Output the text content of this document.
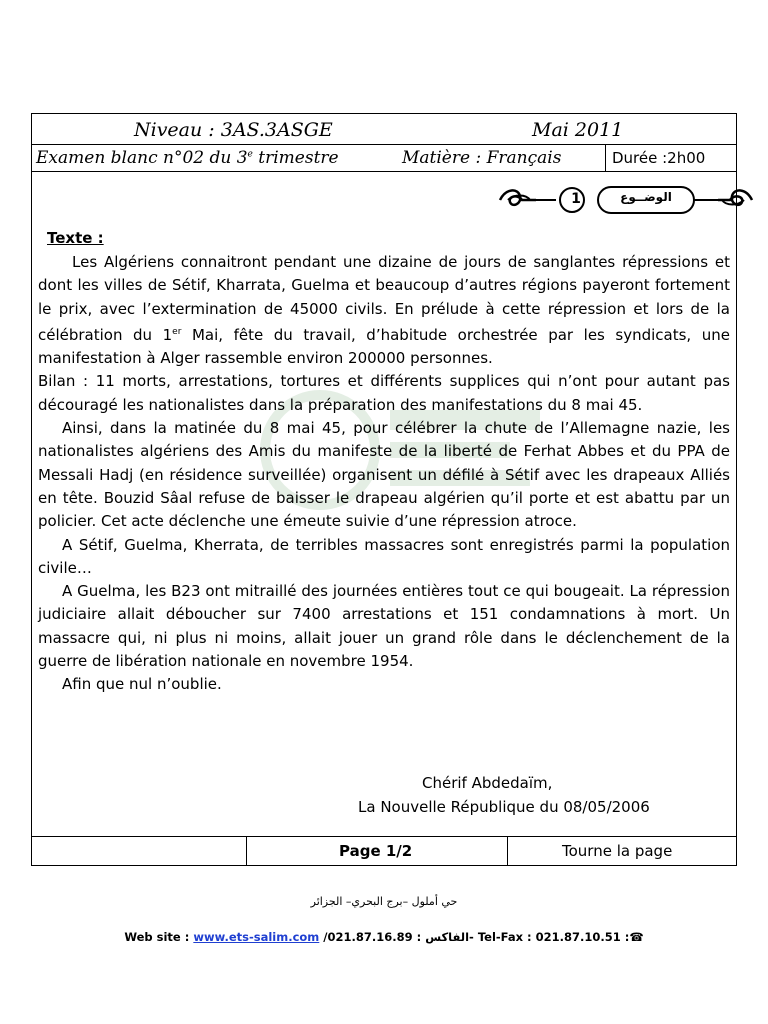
Niveau : 3AS.3ASGE	Mai 2011
Examen blanc n°02 du 3e trimestre	Matière : Français	Durée :2h00
1	الوضــوع
Texte :

Les Algériens connaitront pendant une dizaine de jours de sanglantes répressions et dont les villes de Sétif, Kharrata, Guelma et beaucoup d’autres régions payeront fortement le prix, avec l’extermination de 45000 civils. En prélude à cette répression et lors de la célébration du 1er Mai, fête du travail, d’habitude orchestrée par les syndicats, une manifestation à Alger rassemble environ 200000 personnes.

Bilan : 11 morts, arrestations, tortures et différents supplices qui n’ont pour autant pas découragé les nationalistes dans la préparation des manifestations du 8 mai 45.

Ainsi, dans la matinée du 8 mai 45, pour célébrer la chute de l’Allemagne nazie, les nationalistes algériens des Amis du manifeste de la liberté de Ferhat Abbes et du PPA de Messali Hadj (en résidence surveillée) organisent un défilé à Sétif avec les drapeaux Alliés en tête. Bouzid Sâal refuse de baisser le drapeau algérien qu’il porte et est abattu par un policier. Cet acte déclenche une émeute suivie d’une répression atroce.

A Sétif, Guelma, Kherrata, de terribles massacres sont enregistrés parmi la population civile…

A Guelma, les B23 ont mitraillé des journées entières tout ce qui bougeait. La répression judiciaire allait déboucher sur 7400 arrestations et 151 condamnations à mort. Un massacre qui, ni plus ni moins, allait jouer un grand rôle dans le déclenchement de la guerre de libération nationale en novembre 1954.

Afin que nul n’oublie.

Chérif Abdedaïm,
La Nouvelle République du 08/05/2006
Page 1/2	Tourne la page
حي أملول –برج البحري– الجزائر
Web site : www.ets-salim.com /021.87.16.89 : الفاكس- Tel-Fax : 021.87.10.51 :☎
